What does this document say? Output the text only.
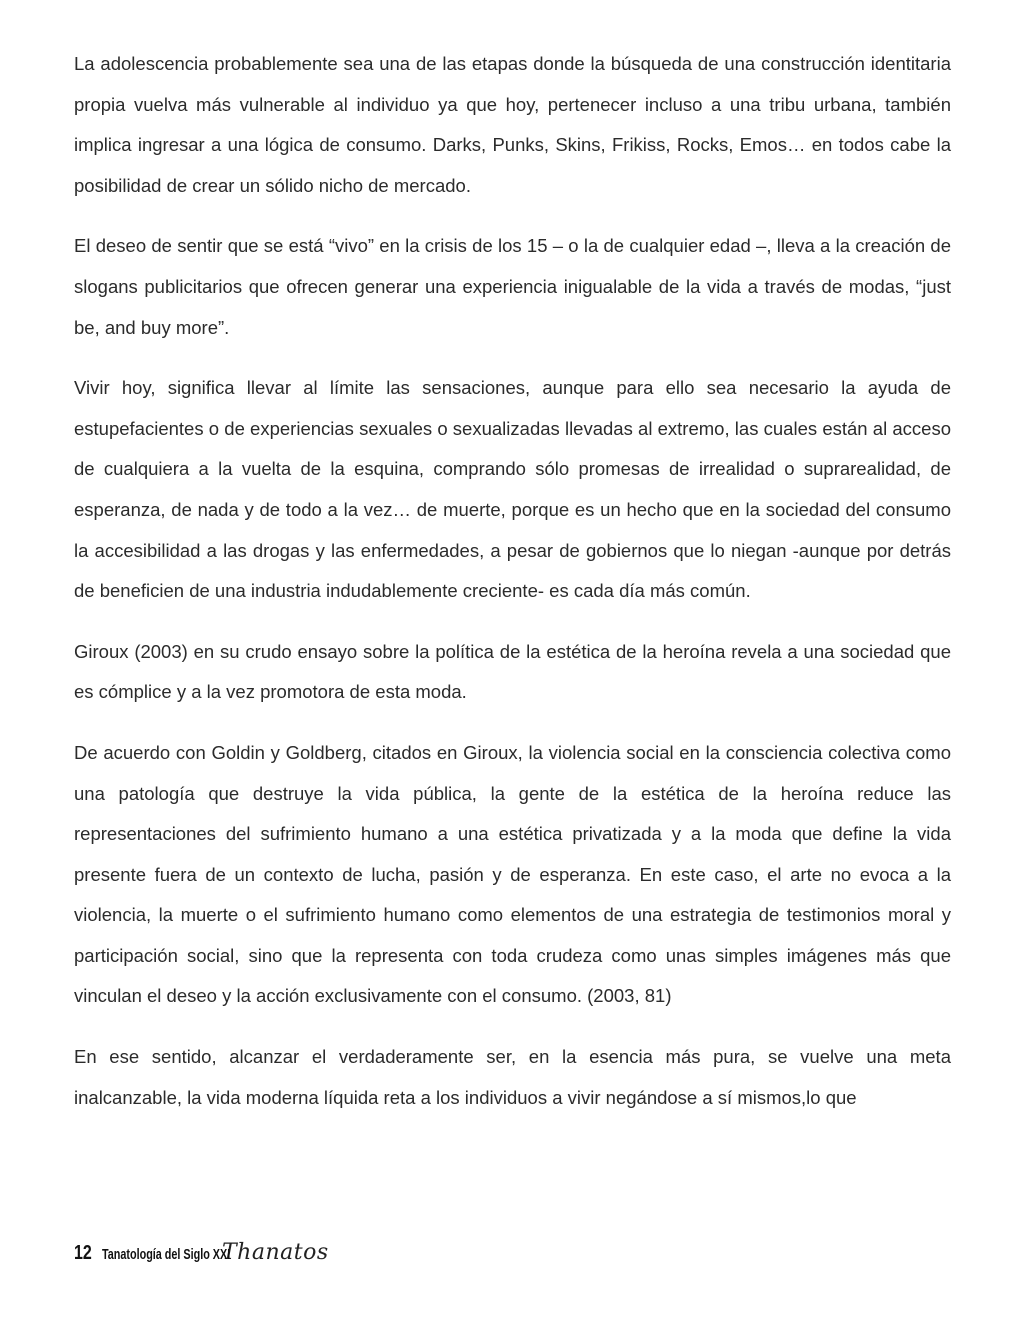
La adolescencia probablemente sea una de las etapas donde la búsqueda de una construcción identitaria propia vuelva más vulnerable al individuo ya que hoy, pertenecer incluso a una tribu urbana, también implica ingresar a una lógica de consumo. Darks, Punks, Skins, Frikiss, Rocks, Emos… en todos cabe la posibilidad de crear un sólido nicho de mercado.

El deseo de sentir que se está “vivo” en la crisis de los 15 – o la de cualquier edad –, lleva a la creación de slogans publicitarios que ofrecen generar una experiencia inigualable de la vida a través de modas, “just be, and buy more”.

Vivir hoy, significa llevar al límite las sensaciones, aunque para ello sea necesario la ayuda de estupefacientes o de experiencias sexuales o sexualizadas llevadas al extremo, las cuales están al acceso de cualquiera a la vuelta de la esquina, comprando sólo promesas de irrealidad o suprarealidad, de esperanza, de nada y de todo a la vez… de muerte, porque es un hecho que en la sociedad del consumo la accesibilidad a las drogas y las enfermedades, a pesar de gobiernos que lo niegan -aunque por detrás de beneficien de una industria indudablemente creciente- es cada día más común.

Giroux (2003) en su crudo ensayo sobre la política de la estética de la heroína revela a una sociedad que es cómplice y a la vez promotora de esta moda.

De acuerdo con Goldin y Goldberg, citados en Giroux, la violencia social en la consciencia colectiva como una patología que destruye la vida pública, la gente de la estética de la heroína reduce las representaciones del sufrimiento humano a una estética privatizada y a la moda que define la vida presente fuera de un contexto de lucha, pasión y de esperanza. En este caso, el arte no evoca a la violencia, la muerte o el sufrimiento humano como elementos de una estrategia de testimonios moral y participación social, sino que la representa con toda crudeza como unas simples imágenes más que vinculan el deseo y la acción exclusivamente con el consumo. (2003, 81)

En ese sentido, alcanzar el verdaderamente ser, en la esencia más pura, se vuelve una meta inalcanzable, la vida moderna líquida reta a los individuos a vivir negándose a sí mismos,lo que

12 Tanatología del Siglo XXI
Thanatos
